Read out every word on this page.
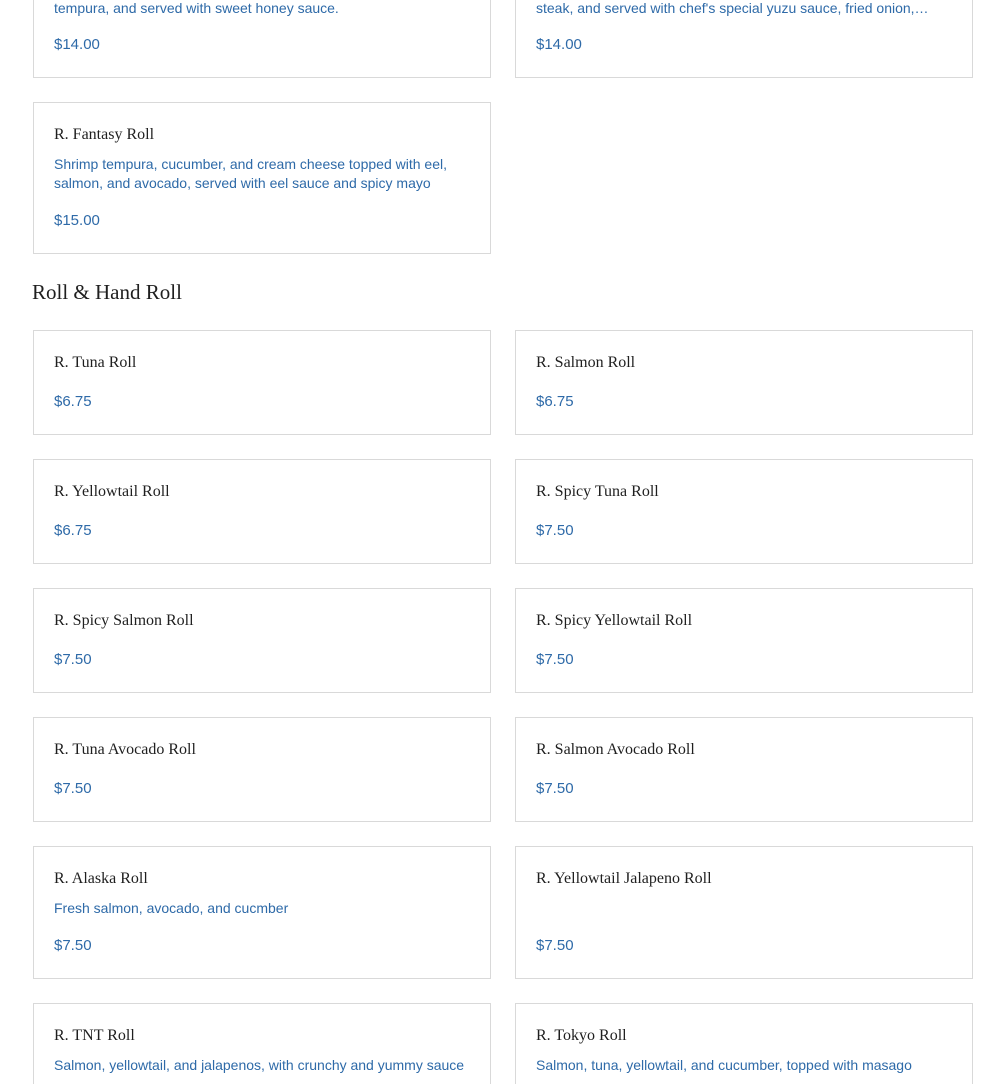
tempura, and served with sweet honey sauce.
$14.00
steak, and served with chef's special yuzu sauce, fried onion,…
$14.00
R. Fantasy Roll
Shrimp tempura, cucumber, and cream cheese topped with eel, salmon, and avocado, served with eel sauce and spicy mayo
$15.00
Roll & Hand Roll
R. Tuna Roll
$6.75
R. Salmon Roll
$6.75
R. Yellowtail Roll
$6.75
R. Spicy Tuna Roll
$7.50
R. Spicy Salmon Roll
$7.50
R. Spicy Yellowtail Roll
$7.50
R. Tuna Avocado Roll
$7.50
R. Salmon Avocado Roll
$7.50
R. Alaska Roll
Fresh salmon, avocado, and cucmber
$7.50
R. Yellowtail Jalapeno Roll
$7.50
R. TNT Roll
Salmon, yellowtail, and jalapenos, with crunchy and yummy sauce
R. Tokyo Roll
Salmon, tuna, yellowtail, and cucumber, topped with masago
